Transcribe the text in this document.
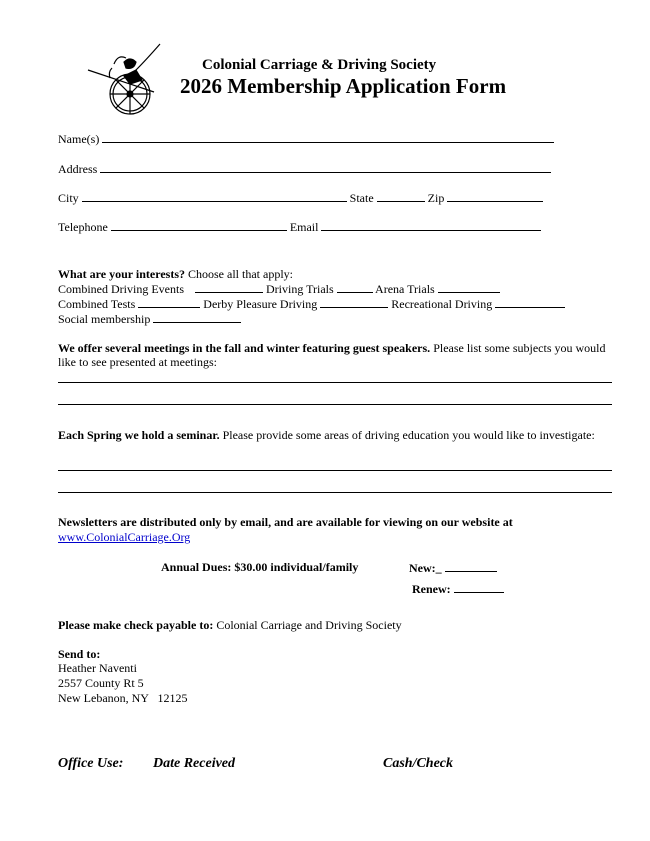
Colonial Carriage & Driving Society
2026 Membership Application Form
Name(s)
Address
City	State	Zip
Telephone	Email
What are your interests? Choose all that apply:
Combined Driving Events	Driving Trials	Arena Trials
Combined Tests	Derby Pleasure Driving	Recreational Driving
Social membership
We offer several meetings in the fall and winter featuring guest speakers. Please list some subjects you would like to see presented at meetings:
Each Spring we hold a seminar. Please provide some areas of driving education you would like to investigate:
Newsletters are distributed only by email, and are available for viewing on our website at
www.ColonialCarriage.Org
Annual Dues: $30.00 individual/family	New:_
Renew:
Please make check payable to: Colonial Carriage and Driving Society
Send to:
Heather Naventi
2557 County Rt 5
New Lebanon, NY   12125
Office Use: Date Received	Cash/Check
